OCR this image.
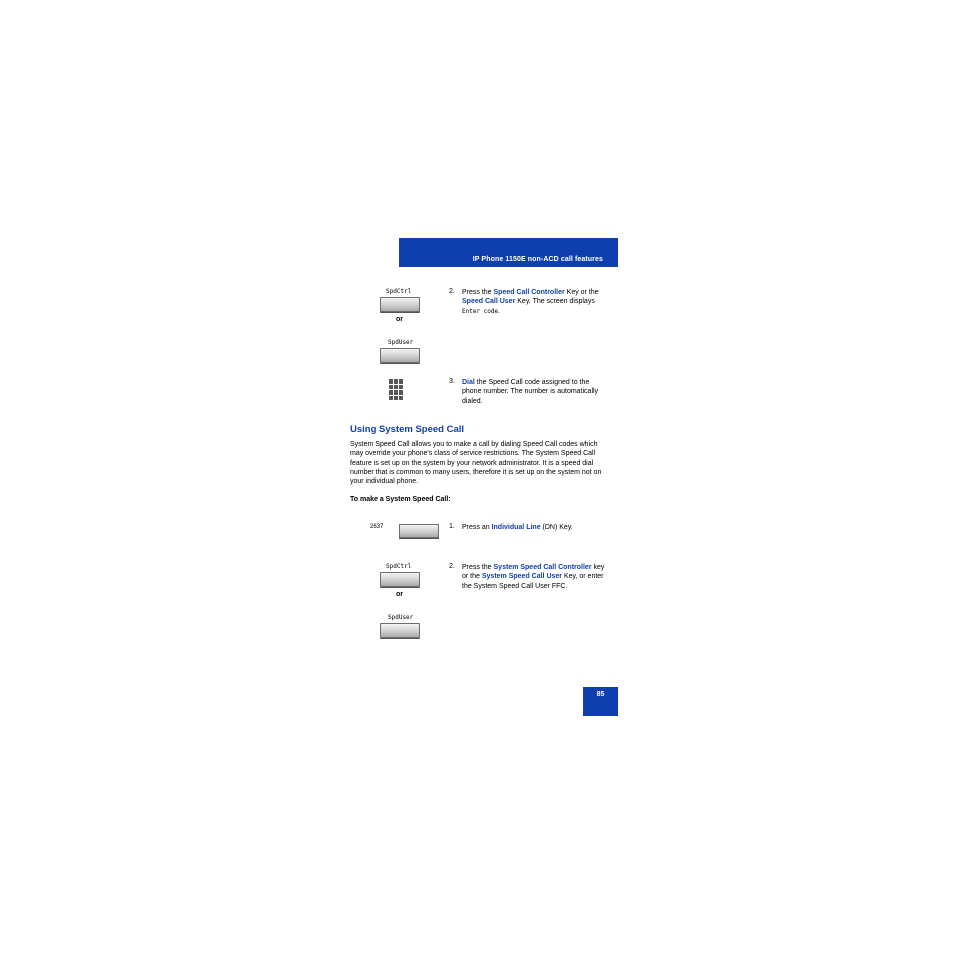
IP Phone 1150E non-ACD call features
SpdCtrl
or
SpdUser
2. Press the Speed Call Controller Key or the Speed Call User Key. The screen displays Enter code.
3. Dial the Speed Call code assigned to the phone number. The number is automatically dialed.
Using System Speed Call
System Speed Call allows you to make a call by dialing Speed Call codes which may override your phone's class of service restrictions. The System Speed Call feature is set up on the system by your network administrator. It is a speed dial number that is common to many users, therefore it is set up on the system not on your individual phone.
To make a System Speed Call:
2637	1. Press an Individual Line (DN) Key.
SpdCtrl
or
SpdUser
2. Press the System Speed Call Controller key or the System Speed Call User Key, or enter the System Speed Call User FFC.
85
